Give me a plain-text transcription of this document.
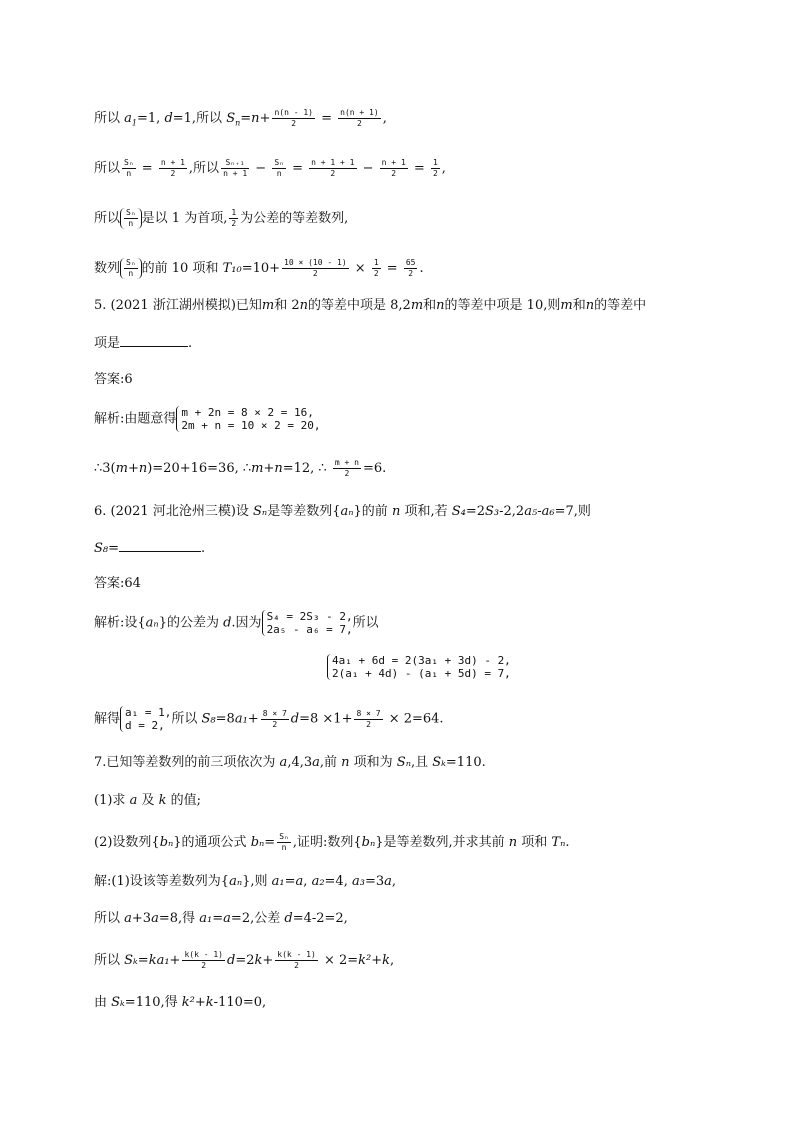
所以 $a_1=1$, d=1,所以 $S_n=n+ \frac{n(n - 1)}{2} = \frac{n(n + 1)}{2}$ ,
所以 $\frac{\text{Sₙ}}{n} = \frac{n + 1}{2}$ ,所以 $\frac{\text{Sₙ₊₁}}{n + 1} - \frac{\text{Sₙ}}{n} = \frac{n + 1 + 1}{2} - \frac{n + 1}{2} = \frac{1}{2}$ ,
所以 $\frac{\text{Sₙ}}{n}$ 是以 1 为首项, $\frac{1}{2}$ 为公差的等差数列,
数列 $\frac{\text{Sₙ}}{n}$ 的前 10 项和 $T_{10}=10+ \frac{10 \times (10 - 1)}{2} \times \frac{1}{2} = \frac{65}{2}$ .
5. (2021 浙江湖州模拟)已知m和 2n的等差中项是 8,2m和n的等差中项是 10,则m和n的等差中
项是	.
答案:6
解析:由题意得 m + 2n = 8 × 2 = 16,
2m + n = 10 × 2 = 20,
∴3(m+n)=20+16=36, ∴m+n=12, ∴ $\frac{m + n}{2} =6$.
6. (2021 河北沧州三模)设 Sₙ是等差数列{aₙ}的前 n 项和,若 S₄=2S₃-2,2a₅-a₆=7,则
S₈=	.
答案:64
解析:设{aₙ}的公差为 d.因为 S₄ = 2S₃ - 2,
2a₅ - a₆ = 7, 所以
4a₁ + 6d = 2(3a₁ + 3d) - 2,
2(a₁ + 4d) - (a₁ + 5d) = 7,
解得 a₁ = 1,
d = 2, 所以 $S_8=8a_1+ \frac{8 \times 7}{2} d=8 \times 1+ \frac{8 \times 7}{2} \times 2=64$.
7.已知等差数列的前三项依次为 a,4,3a,前 n 项和为 Sₙ,且 Sₖ=110.
(1)求 a 及 k 的值;
(2)设数列{bₙ}的通项公式 $b_n= \frac{\text{Sₙ}}{n}$ ,证明:数列{bₙ}是等差数列,并求其前 n 项和 Tₙ.
解:(1)设该等差数列为{aₙ},则 a₁=a, a₂=4, a₃=3a,
所以 a+3a=8,得 a₁=a=2,公差 d=4-2=2,
所以 $S_k=ka_1+ \frac{k(k - 1)}{2} d=2k+ \frac{k(k - 1)}{2} \times 2=k^2+k$,
由 Sₖ=110,得 k²+k-110=0,
